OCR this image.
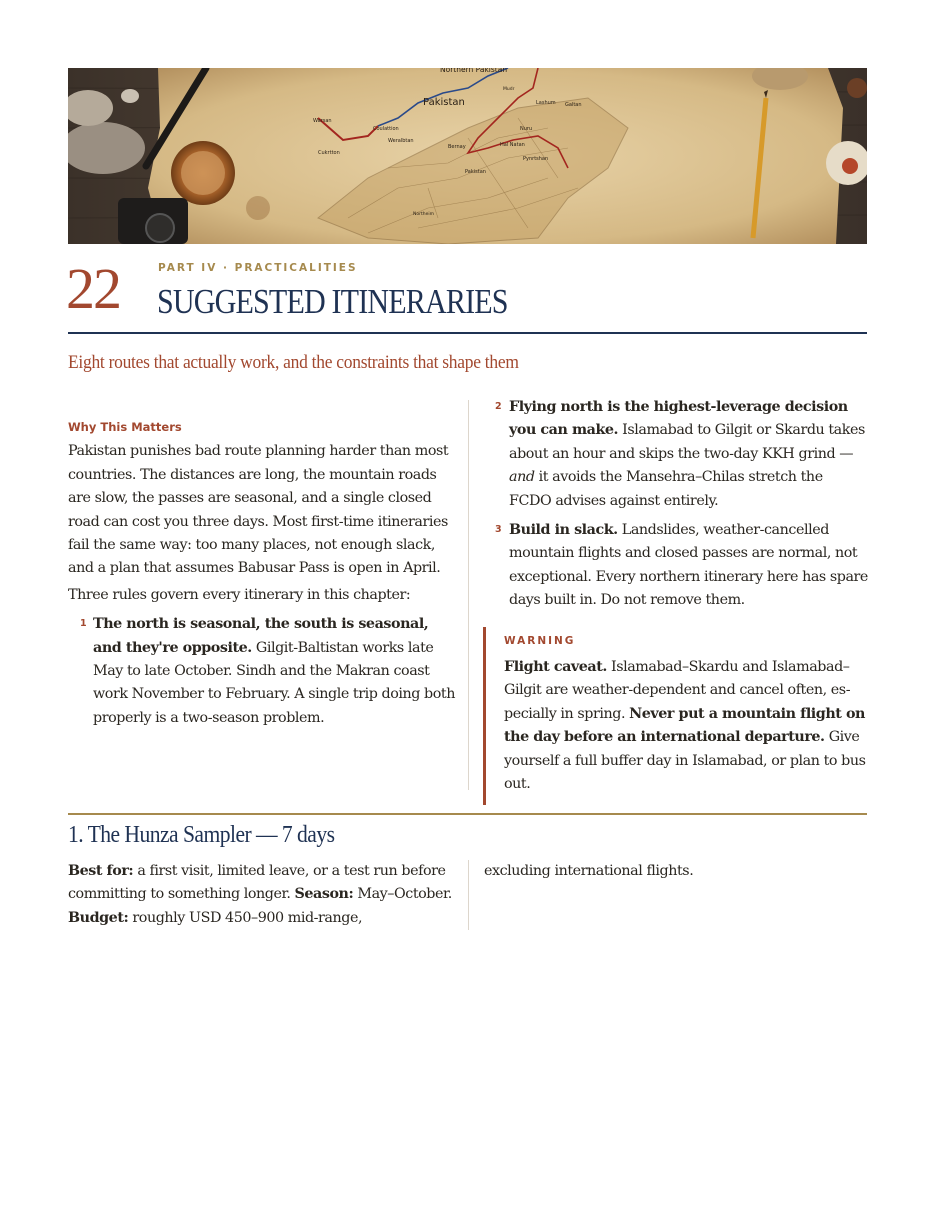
Northern Pakistan
Pakistan
Warsan
Coulattion
Weralbtan
Cukrtton
Lashum Galtan
Mudr
Nuru
Bernay	Hal Natan
Pynrtshan
Pakistan
Northeim
22	PART IV · PRACTICALITIES
SUGGESTED ITINERARIES
Eight routes that actually work, and the constraints that shape them
Why This Matters

Pakistan punishes bad route planning harder than most countries. The distances are long, the mountain roads are slow, the passes are seasonal, and a single closed road can cost you three days. Most first-time itineraries fail the same way: too many places, not enough slack, and a plan that assumes Babusar Pass is open in April.

Three rules govern every itinerary in this chapter:

1 The north is seasonal, the south is seasonal, and they're opposite. Gilgit-Baltistan works late May to late October. Sindh and the Makran coast work November to February. A single trip doing both properly is a two-season problem.
2 Flying north is the highest-leverage decision you can make. Islamabad to Gilgit or Skardu takes about an hour and skips the two-day KKH grind — and it avoids the Mansehra–Chilas stretch the FCDO advises against entirely.
3 Build in slack. Landslides, weather-cancelled mountain flights and closed passes are normal, not exceptional. Every northern itinerary here has spare days built in. Do not remove them.
WARNING

Flight caveat. Islamabad–Skardu and Islamabad–Gilgit are weather-dependent and cancel often, es-pecially in spring. Never put a mountain flight on the day before an international departure. Give yourself a full buffer day in Islamabad, or plan to bus out.

1. The Hunza Sampler — 7 days

Best for: a first visit, limited leave, or a test run before committing to something longer. Season: May–October. Budget: roughly USD 450–900 mid-range,

excluding international flights.
